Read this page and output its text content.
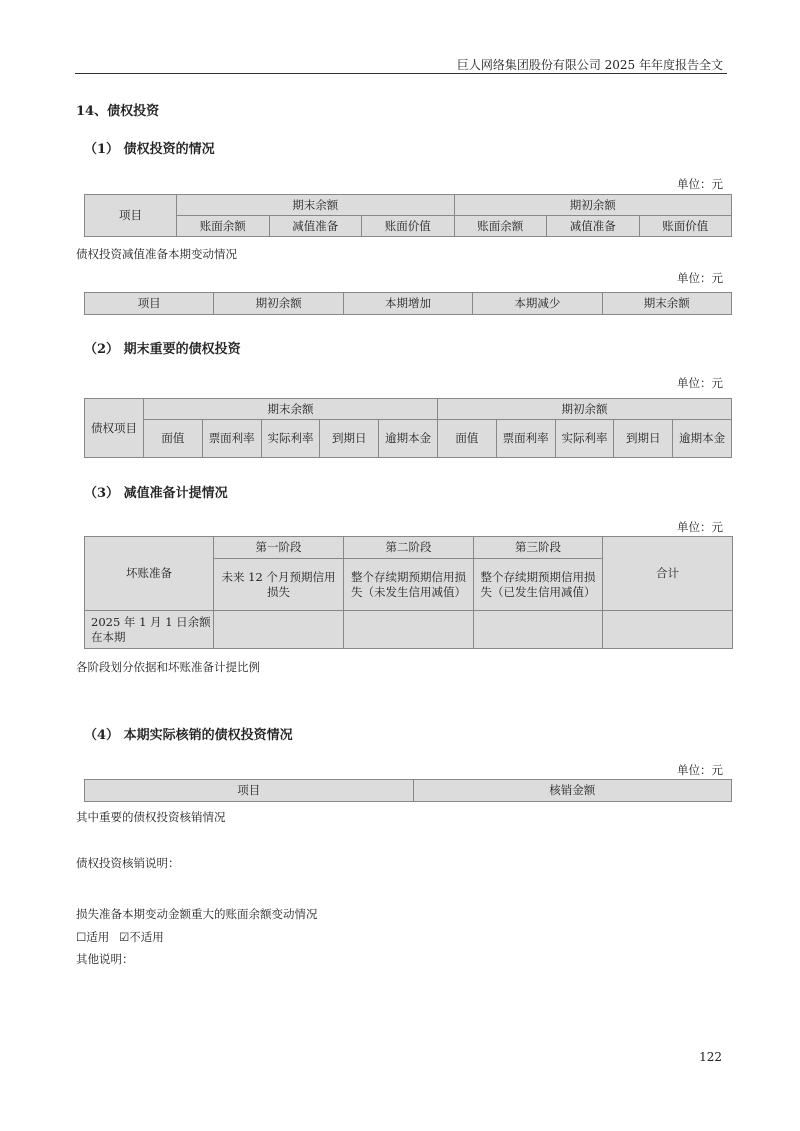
巨人网络集团股份有限公司 2025 年年度报告全文
14、债权投资
（1） 债权投资的情况
单位：元
项目	期末余额			期初余额		
	账面余额	减值准备	账面价值	账面余额	减值准备	账面价值
债权投资减值准备本期变动情况
单位：元
项目	期初余额	本期增加	本期减少	期末余额
（2） 期末重要的债权投资
单位：元
债权项目	期末余额					期初余额				
	面值	票面利率	实际利率	到期日	逾期本金	面值	票面利率	实际利率	到期日	逾期本金
（3） 减值准备计提情况
单位：元
坏账准备	第一阶段	第二阶段	第三阶段	合计
	未来 12 个月预期信用损失	整个存续期预期信用损失（未发生信用减值）	整个存续期预期信用损失（已发生信用减值）	
2025 年 1 月 1 日余额在本期				
各阶段划分依据和坏账准备计提比例
（4） 本期实际核销的债权投资情况
单位：元
项目	核销金额
其中重要的债权投资核销情况
债权投资核销说明：
损失准备本期变动金额重大的账面余额变动情况
☐适用 ☑不适用
其他说明：
122
